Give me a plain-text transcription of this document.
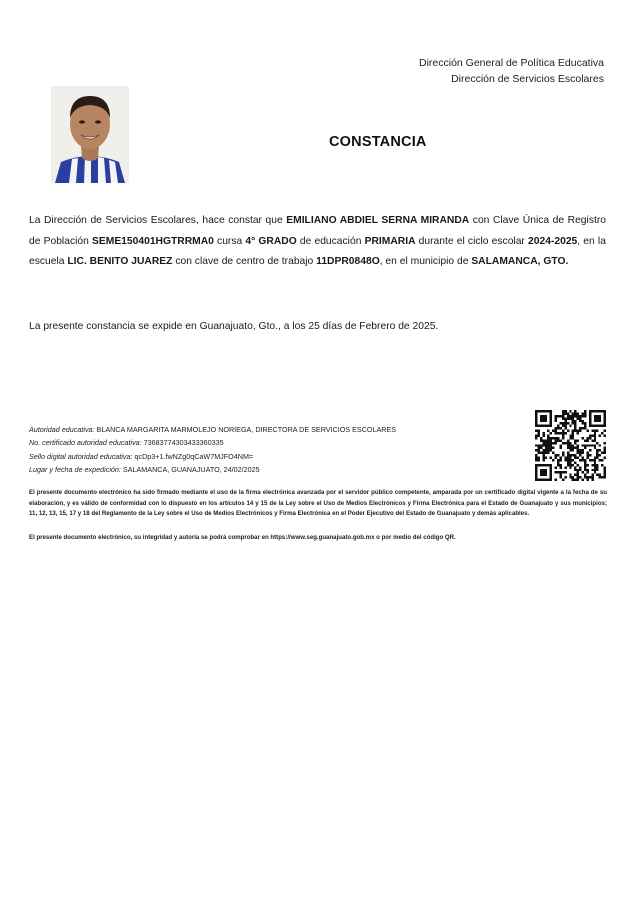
Dirección General de Política Educativa
Dirección de Servicios Escolares
CONSTANCIA
La Dirección de Servicios Escolares, hace constar que EMILIANO ABDIEL SERNA MIRANDA con Clave Única de Registro de Población SEME150401HGTRRMA0 cursa 4° GRADO de educación PRIMARIA durante el ciclo escolar 2024-2025, en la escuela LIC. BENITO JUAREZ con clave de centro de trabajo 11DPR0848O, en el municipio de SALAMANCA, GTO.
La presente constancia se expide en Guanajuato, Gto., a los 25 días de Febrero de 2025.
Autoridad educativa: BLANCA MARGARITA MARMOLEJO NORIEGA, DIRECTORA DE SERVICIOS ESCOLARES
No. certificado autoridad educativa: 73683774303433360335
Sello digital autoridad educativa: qcDp3+1.fwNZg0qCaW7MJFO4NM=
Lugar y fecha de expedición: SALAMANCA, GUANAJUATO, 24/02/2025
El presente documento electrónico ha sido firmado mediante el uso de la firma electrónica avanzada por el servidor público competente, amparada por un certificado digital vigente a la fecha de su elaboración, y es válido de conformidad con lo dispuesto en los artículos 14 y 15 de la Ley sobre el Uso de Medios Electrónicos y Firma Electrónica para el Estado de Guanajuato y sus municipios; 11, 12, 13, 15, 17 y 18 del Reglamento de la Ley sobre el Uso de Medios Electrónicos y Firma Electrónica en el Poder Ejecutivo del Estado de Guanajuato y demás aplicables.
El presente documento electrónico, su integridad y autoría se podrá comprobar en https://www.seg.guanajuato.gob.mx o por medio del código QR.
